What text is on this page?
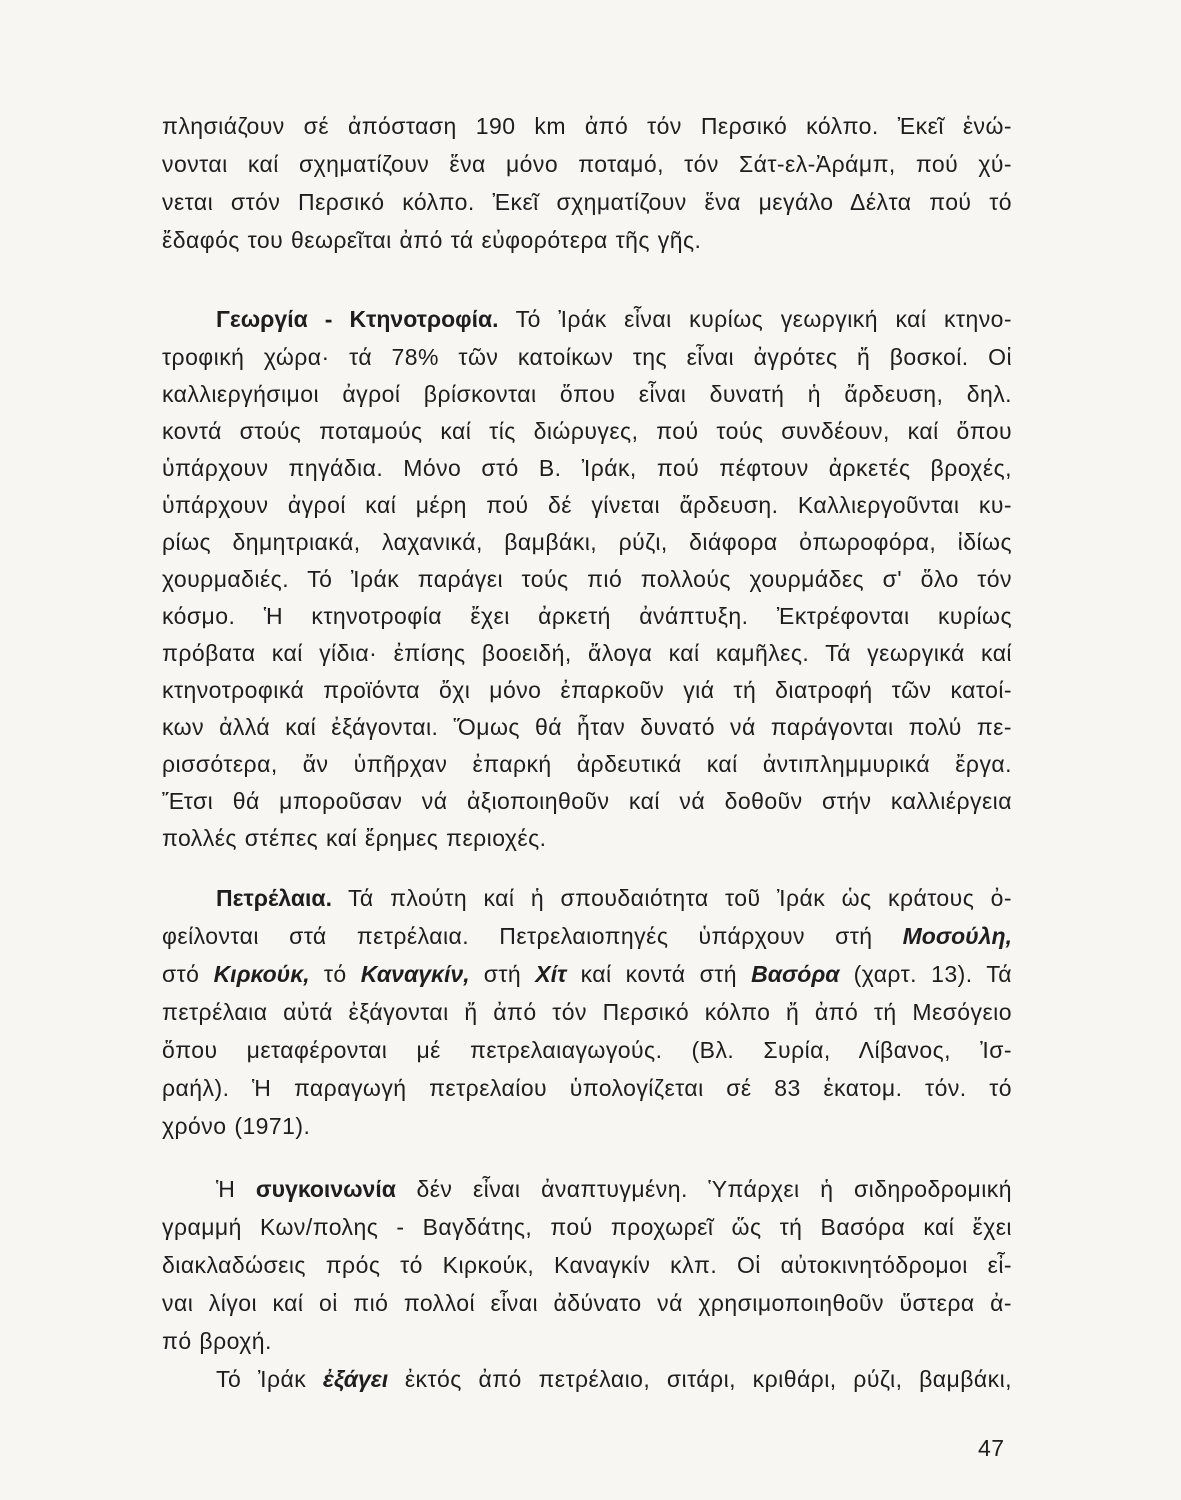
πλησιάζουν σέ ἀπόσταση 190 km ἀπό τόν Περσικό κόλπο. Ἐκεῖ ἑνώ-
νονται καί σχηματίζουν ἕνα μόνο ποταμό, τόν Σάτ-ελ-Ἀράμπ, πού χύ-
νεται στόν Περσικό κόλπο. Ἐκεῖ σχηματίζουν ἕνα μεγάλο Δέλτα πού τό
ἔδαφός του θεωρεῖται ἀπό τά εὐφορότερα τῆς γῆς.
Γεωργία - Κτηνοτροφία. Τό Ἰράκ εἶναι κυρίως γεωργική καί κτηνο-
τροφική χώρα· τά 78% τῶν κατοίκων της εἶναι ἀγρότες ἤ βοσκοί. Οἱ
καλλιεργήσιμοι ἀγροί βρίσκονται ὅπου εἶναι δυνατή ἡ ἄρδευση, δηλ.
κοντά στούς ποταμούς καί τίς διώρυγες, πού τούς συνδέουν, καί ὅπου
ὑπάρχουν πηγάδια. Μόνο στό Β. Ἰράκ, πού πέφτουν ἀρκετές βροχές,
ὑπάρχουν ἀγροί καί μέρη πού δέ γίνεται ἄρδευση. Καλλιεργοῦνται κυ-
ρίως δημητριακά, λαχανικά, βαμβάκι, ρύζι, διάφορα ὀπωροφόρα, ἰδίως
χουρμαδιές. Τό Ἰράκ παράγει τούς πιό πολλούς χουρμάδες σ' ὅλο τόν
κόσμο. Ἡ κτηνοτροφία ἔχει ἀρκετή ἀνάπτυξη. Ἐκτρέφονται κυρίως
πρόβατα καί γίδια· ἐπίσης βοοειδή, ἄλογα καί καμῆλες. Τά γεωργικά καί
κτηνοτροφικά προϊόντα ὄχι μόνο ἐπαρκοῦν γιά τή διατροφή τῶν κατοί-
κων ἀλλά καί ἐξάγονται. Ὅμως θά ἦταν δυνατό νά παράγονται πολύ πε-
ρισσότερα, ἄν ὑπῆρχαν ἐπαρκή ἀρδευτικά καί ἀντιπλημμυρικά ἔργα.
Ἔτσι θά μποροῦσαν νά ἀξιοποιηθοῦν καί νά δοθοῦν στήν καλλιέργεια
πολλές στέπες καί ἔρημες περιοχές.
Πετρέλαια. Τά πλούτη καί ἡ σπουδαιότητα τοῦ Ἰράκ ὡς κράτους ὀ-
φείλονται στά πετρέλαια. Πετρελαιοπηγές ὑπάρχουν στή Μοσούλη,
στό Κιρκούκ, τό Καναγκίν, στή Χίτ καί κοντά στή Βασόρα (χαρτ. 13). Τά
πετρέλαια αὐτά ἐξάγονται ἤ ἀπό τόν Περσικό κόλπο ἤ ἀπό τή Μεσόγειο
ὅπου μεταφέρονται μέ πετρελαιαγωγούς. (Βλ. Συρία, Λίβανος, Ἰσ-
ραήλ). Ἡ παραγωγή πετρελαίου ὑπολογίζεται σέ 83 ἑκατομ. τόν. τό
χρόνο (1971).
Ἡ συγκοινωνία δέν εἶναι ἀναπτυγμένη. Ὑπάρχει ἡ σιδηροδρομική
γραμμή Κων/πολης - Βαγδάτης, πού προχωρεῖ ὥς τή Βασόρα καί ἔχει
διακλαδώσεις πρός τό Κιρκούκ, Καναγκίν κλπ. Οἱ αὐτοκινητόδρομοι εἶ-
ναι λίγοι καί οἱ πιό πολλοί εἶναι ἀδύνατο νά χρησιμοποιηθοῦν ὕστερα ἀ-
πό βροχή.
Τό Ἰράκ ἐξάγει ἐκτός ἀπό πετρέλαιο, σιτάρι, κριθάρι, ρύζι, βαμβάκι,
47
